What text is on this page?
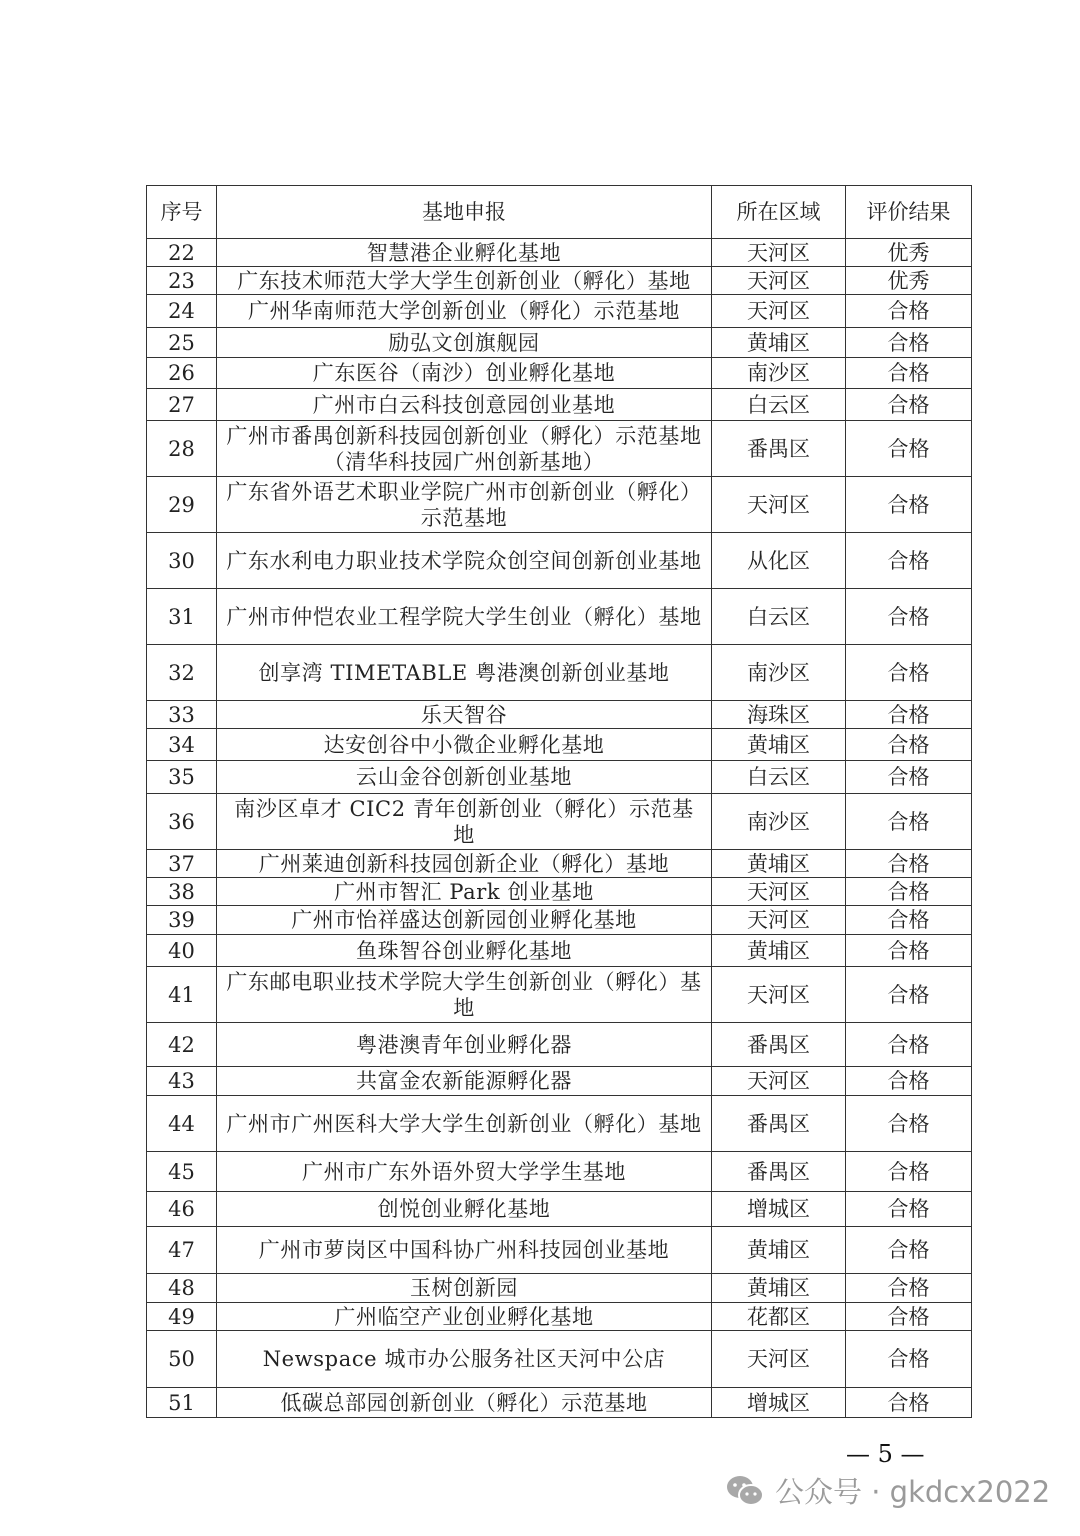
序号	基地申报	所在区域	评价结果
22	智慧港企业孵化基地	天河区	优秀
23	广东技术师范大学大学生创新创业（孵化）基地	天河区	优秀
24	广州华南师范大学创新创业（孵化）示范基地	天河区	合格
25	励弘文创旗舰园	黄埔区	合格
26	广东医谷（南沙）创业孵化基地	南沙区	合格
27	广州市白云科技创意园创业基地	白云区	合格
28	广州市番禺创新科技园创新创业（孵化）示范基地（清华科技园广州创新基地）	番禺区	合格
29	广东省外语艺术职业学院广州市创新创业（孵化）示范基地	天河区	合格
30	广东水利电力职业技术学院众创空间创新创业基地	从化区	合格
31	广州市仲恺农业工程学院大学生创业（孵化）基地	白云区	合格
32	创享湾 TIMETABLE 粤港澳创新创业基地	南沙区	合格
33	乐天智谷	海珠区	合格
34	达安创谷中小微企业孵化基地	黄埔区	合格
35	云山金谷创新创业基地	白云区	合格
36	南沙区卓才 CIC2 青年创新创业（孵化）示范基地	南沙区	合格
37	广州莱迪创新科技园创新企业（孵化）基地	黄埔区	合格
38	广州市智汇 Park 创业基地	天河区	合格
39	广州市怡祥盛达创新园创业孵化基地	天河区	合格
40	鱼珠智谷创业孵化基地	黄埔区	合格
41	广东邮电职业技术学院大学生创新创业（孵化）基地	天河区	合格
42	粤港澳青年创业孵化器	番禺区	合格
43	共富金农新能源孵化器	天河区	合格
44	广州市广州医科大学大学生创新创业（孵化）基地	番禺区	合格
45	广州市广东外语外贸大学学生基地	番禺区	合格
46	创悦创业孵化基地	增城区	合格
47	广州市萝岗区中国科协广州科技园创业基地	黄埔区	合格
48	玉树创新园	黄埔区	合格
49	广州临空产业创业孵化基地	花都区	合格
50	Newspace 城市办公服务社区天河中公店	天河区	合格
51	低碳总部园创新创业（孵化）示范基地	增城区	合格
— 5 —
公众号 · gkdcx2022
